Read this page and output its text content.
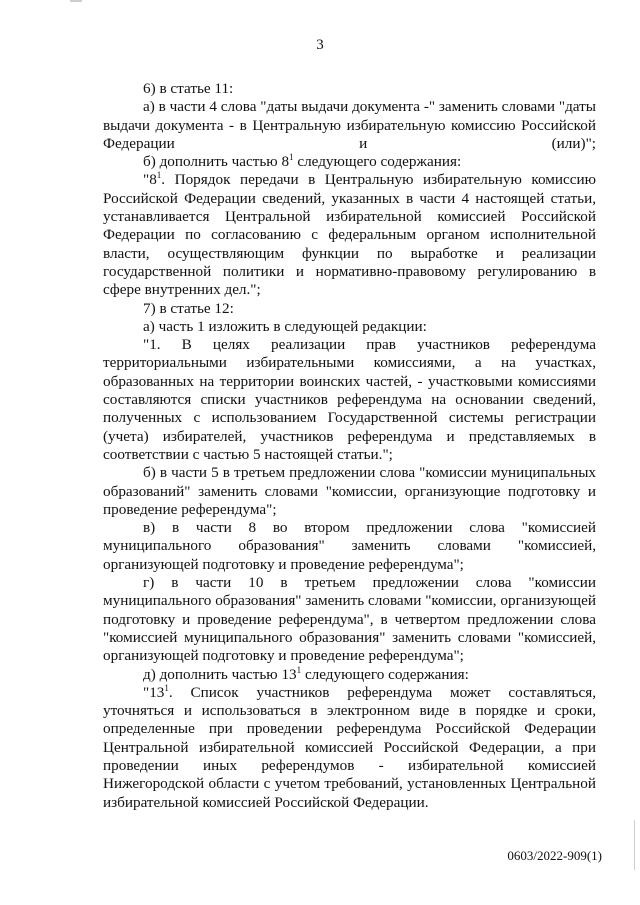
3

6) в статье 11:

а) в части 4 слова "даты выдачи документа -" заменить словами "даты выдачи документа - в Центральную избирательную комиссию Российской Федерации и (или)";

б) дополнить частью $8^1$ следующего содержания:

"$8^1$. Порядок передачи в Центральную избирательную комиссию Российской Федерации сведений, указанных в части 4 настоящей статьи, устанавливается Центральной избирательной комиссией Российской Федерации по согласованию с федеральным органом исполнительной власти, осуществляющим функции по выработке и реализации государственной политики и нормативно-правовому регулированию в сфере внутренних дел.";

7) в статье 12:

а) часть 1 изложить в следующей редакции:

"1. В целях реализации прав участников референдума территориальными избирательными комиссиями, а на участках, образованных на территории воинских частей, - участковыми комиссиями составляются списки участников референдума на основании сведений, полученных с использованием Государственной системы регистрации (учета) избирателей, участников референдума и представляемых в соответствии с частью 5 настоящей статьи.";

б) в части 5 в третьем предложении слова "комиссии муниципальных образований" заменить словами "комиссии, организующие подготовку и проведение референдума";

в) в части 8 во втором предложении слова "комиссией муниципального образования" заменить словами "комиссией, организующей подготовку и проведение референдума";

г) в части 10 в третьем предложении слова "комиссии муниципального образования" заменить словами "комиссии, организующей подготовку и проведение референдума", в четвертом предложении слова "комиссией муниципального образования" заменить словами "комиссией, организующей подготовку и проведение референдума";

д) дополнить частью $13^1$ следующего содержания:

"$13^1$. Список участников референдума может составляться, уточняться и использоваться в электронном виде в порядке и сроки, определенные при проведении референдума Российской Федерации Центральной избирательной комиссией Российской Федерации, а при проведении иных референдумов - избирательной комиссией Нижегородской области с учетом требований, установленных Центральной избирательной комиссией Российской Федерации.

0603/2022-909(1)
